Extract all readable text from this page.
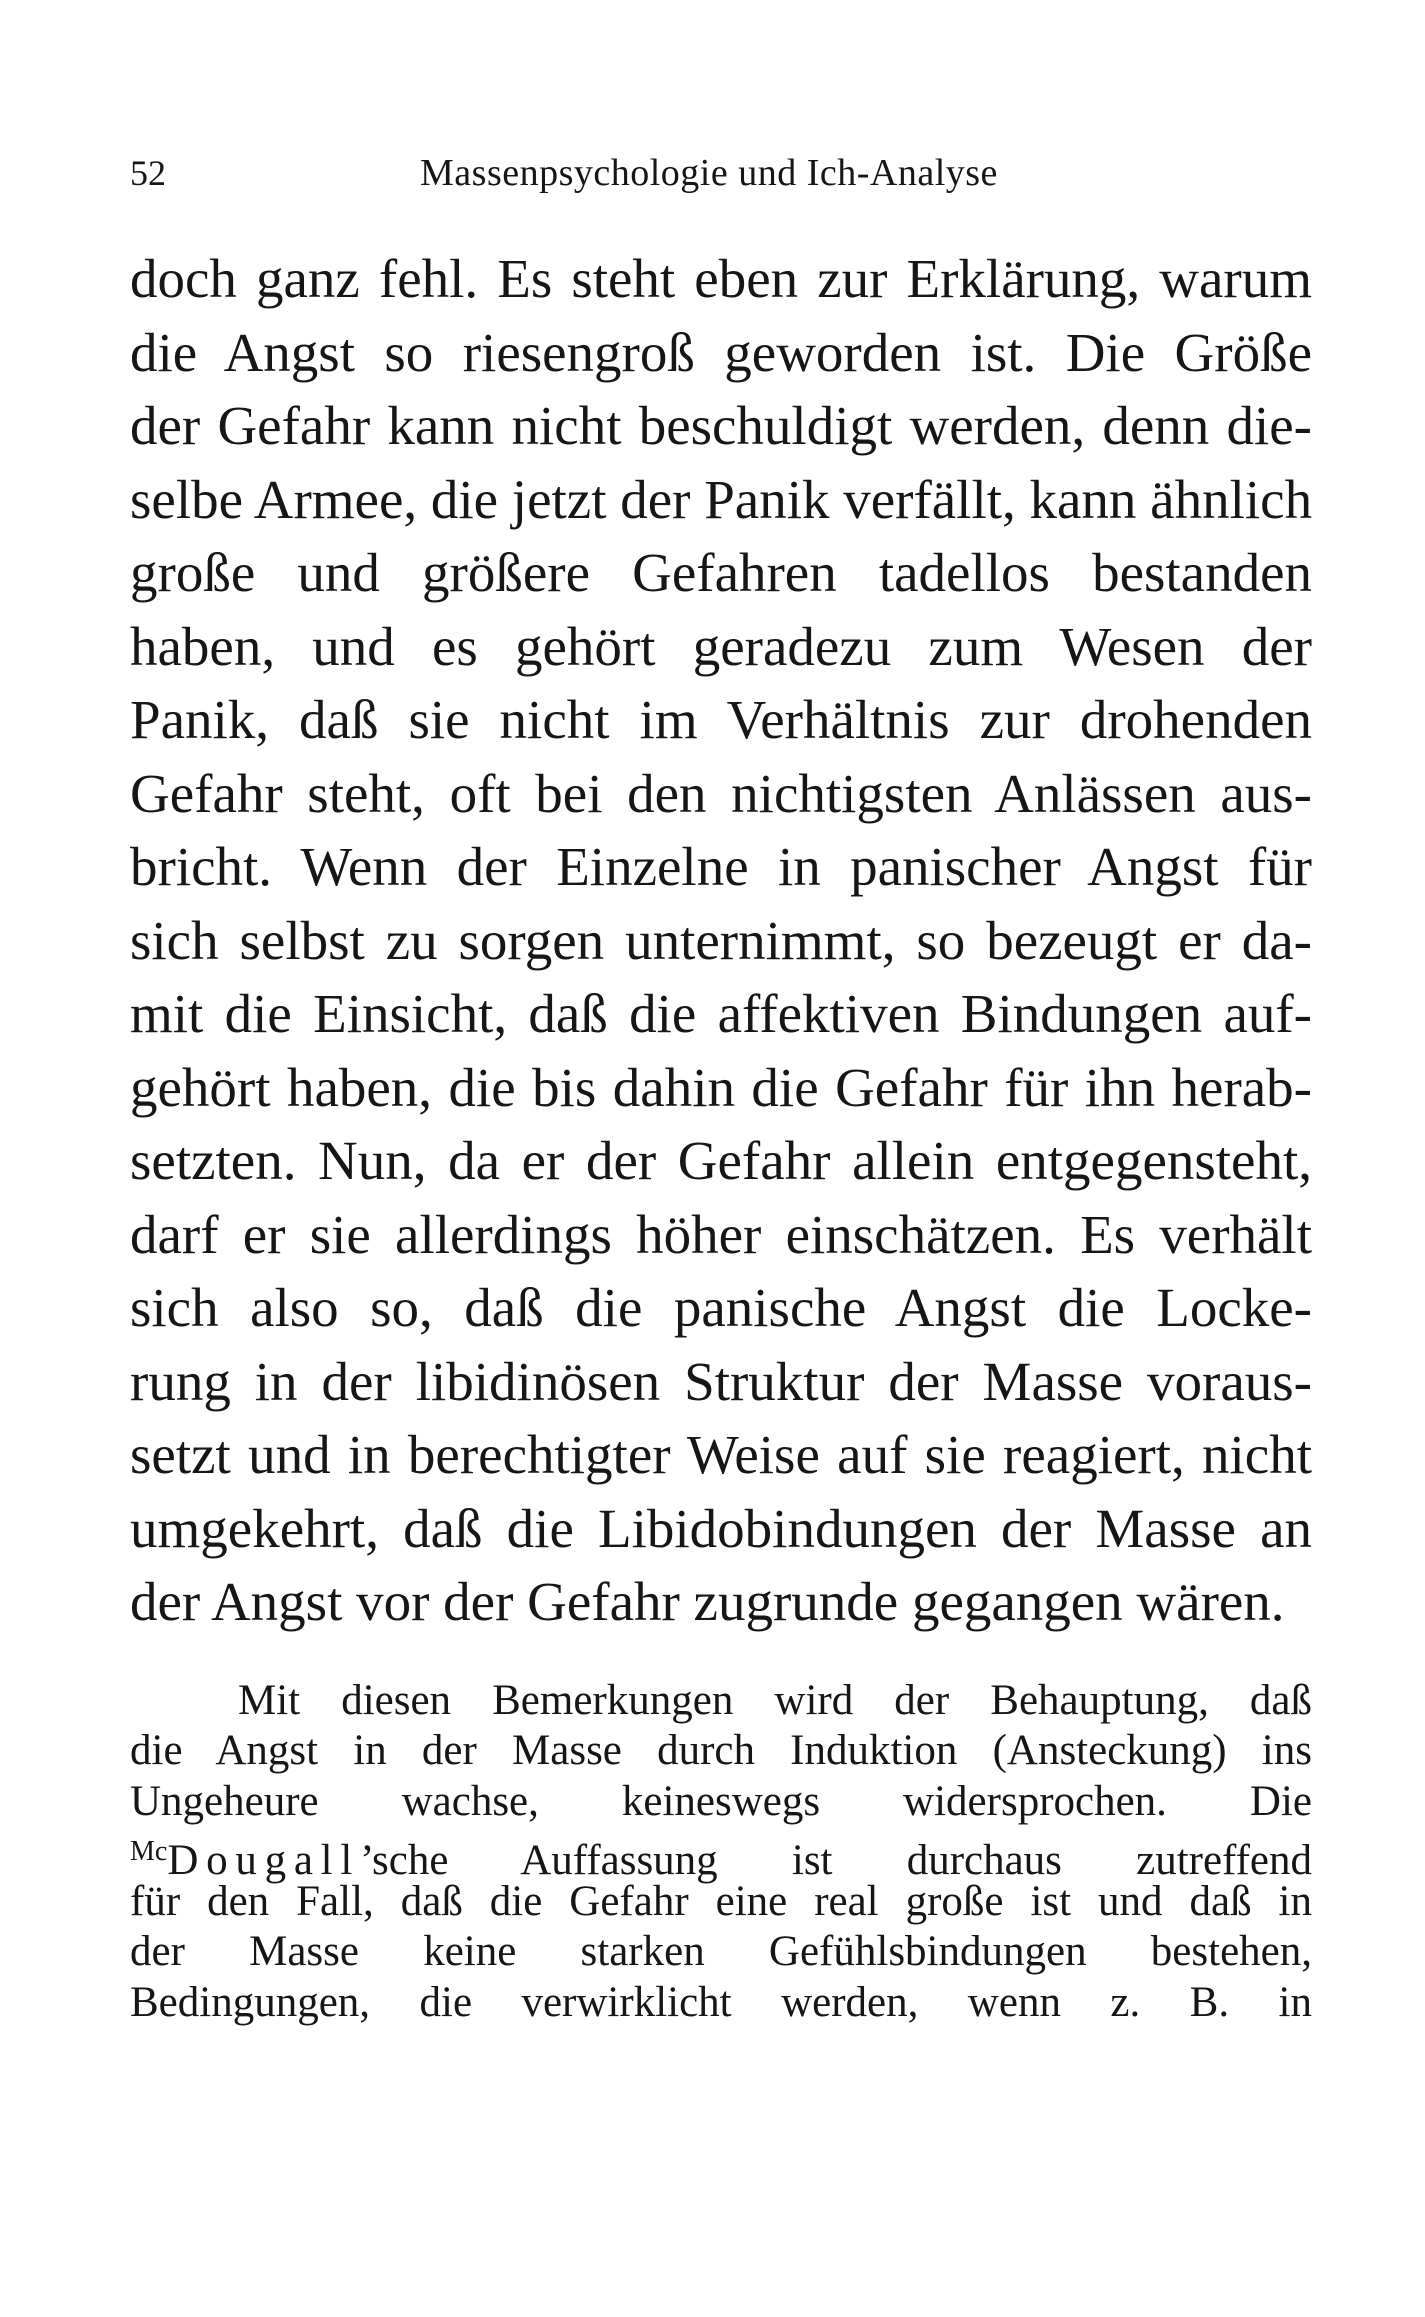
52	Massenpsychologie und Ich-Analyse
doch ganz fehl. Es steht eben zur Erklärung, warum
die Angst so riesengroß geworden ist. Die Größe
der Gefahr kann nicht beschuldigt werden, denn die-
selbe Armee, die jetzt der Panik verfällt, kann ähnlich
große und größere Gefahren tadellos bestanden
haben, und es gehört geradezu zum Wesen der
Panik, daß sie nicht im Verhältnis zur drohenden
Gefahr steht, oft bei den nichtigsten Anlässen aus-
bricht. Wenn der Einzelne in panischer Angst für
sich selbst zu sorgen unternimmt, so bezeugt er da-
mit die Einsicht, daß die affektiven Bindungen auf-
gehört haben, die bis dahin die Gefahr für ihn herab-
setzten. Nun, da er der Gefahr allein entgegensteht,
darf er sie allerdings höher einschätzen. Es verhält
sich also so, daß die panische Angst die Locke-
rung in der libidinösen Struktur der Masse voraus-
setzt und in berechtigter Weise auf sie reagiert, nicht
umgekehrt, daß die Libidobindungen der Masse an
der Angst vor der Gefahr zugrunde gegangen wären.
Mit diesen Bemerkungen wird der Behauptung, daß
die Angst in der Masse durch Induktion (Ansteckung) ins
Ungeheure wachse, keineswegs widersprochen. Die
$^{Mc}$Dougall’sche Auffassung ist durchaus zutreffend
für den Fall, daß die Gefahr eine real große ist und daß in
der Masse keine starken Gefühlsbindungen bestehen,
Bedingungen, die verwirklicht werden, wenn z. B. in
